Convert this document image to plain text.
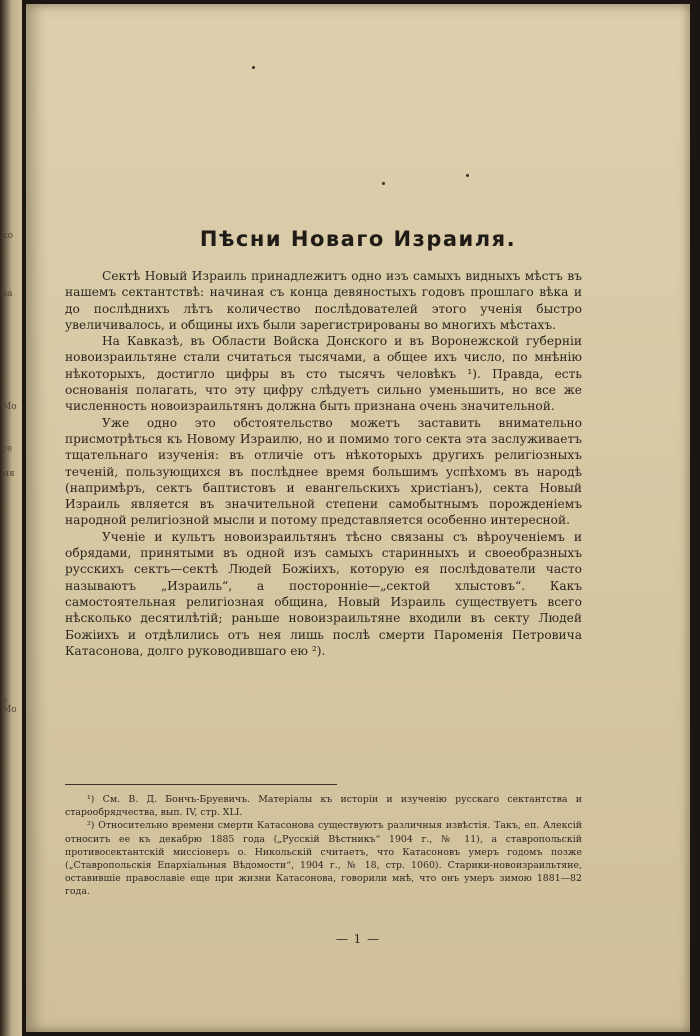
ко
ва
Мо
се
мя
в Мо
Пѣсни Новаго Израиля.

Сектѣ Новый Израиль принадлежитъ одно изъ самыхъ видныхъ мѣстъ въ нашемъ сектантствѣ: начиная съ конца девяностыхъ годовъ прошлаго вѣка и до послѣднихъ лѣтъ количество послѣдователей этого ученія быстро увеличивалось, и общины ихъ были зарегистрированы во многихъ мѣстахъ.

На Кавказѣ, въ Области Войска Донского и въ Воронежской губерніи новоизраильтяне стали считаться тысячами, а общее ихъ число, по мнѣнію нѣкоторыхъ, достигло цифры въ сто тысячъ человѣкъ ¹). Правда, есть основанія полагать, что эту цифру слѣдуетъ сильно уменьшить, но все же численность новоизраильтянъ должна быть признана очень значительной.

Уже одно это обстоятельство можетъ заставить внимательно присмотрѣться къ Новому Израилю, но и помимо того секта эта заслуживаетъ тщательнаго изученія: въ отличіе отъ нѣкоторыхъ другихъ религіозныхъ теченій, пользующихся въ послѣднее время большимъ успѣхомъ въ народѣ (напримѣръ, сектъ баптистовъ и евангельскихъ христіанъ), секта Новый Израиль является въ значительной степени самобытнымъ порожденіемъ народной религіозной мысли и потому представляется особенно интересной.

Ученіе и культъ новоизраильтянъ тѣсно связаны съ вѣроученіемъ и обрядами, принятыми въ одной изъ самыхъ старинныхъ и своеобразныхъ русскихъ сектъ—сектѣ Людей Божіихъ, которую ея послѣдователи часто называютъ „Израиль“, а посторонніе—„сектой хлыстовъ“. Какъ самостоятельная религіозная община, Новый Израиль существуетъ всего нѣсколько десятилѣтій; раньше новоизраильтяне входили въ секту Людей Божіихъ и отдѣлились отъ нея лишь послѣ смерти Пароменія Петровича Катасонова, долго руководившаго ею ²).

¹) См. В. Д. Бончъ-Бруевичъ. Матеріалы къ исторіи и изученію русскаго сектантства и старообрядчества, вып. IV, стр. XLI.

²) Относительно времени смерти Катасонова существуютъ различныя извѣстія. Такъ, еп. Алексій относитъ ее къ декабрю 1885 года („Русскій Вѣстникъ“ 1904 г., № 11), а ставропольскій противосектантскій миссіонеръ о. Никольскій считаетъ, что Катасоновъ умеръ годомъ позже („Ставропольскія Епархіальныя Вѣдомости“, 1904 г., № 18, стр. 1060). Старики-новоизраильтяне, оставившіе православіе еще при жизни Катасонова, говорили мнѣ, что онъ умеръ зимою 1881—82 года.

— 1 —
